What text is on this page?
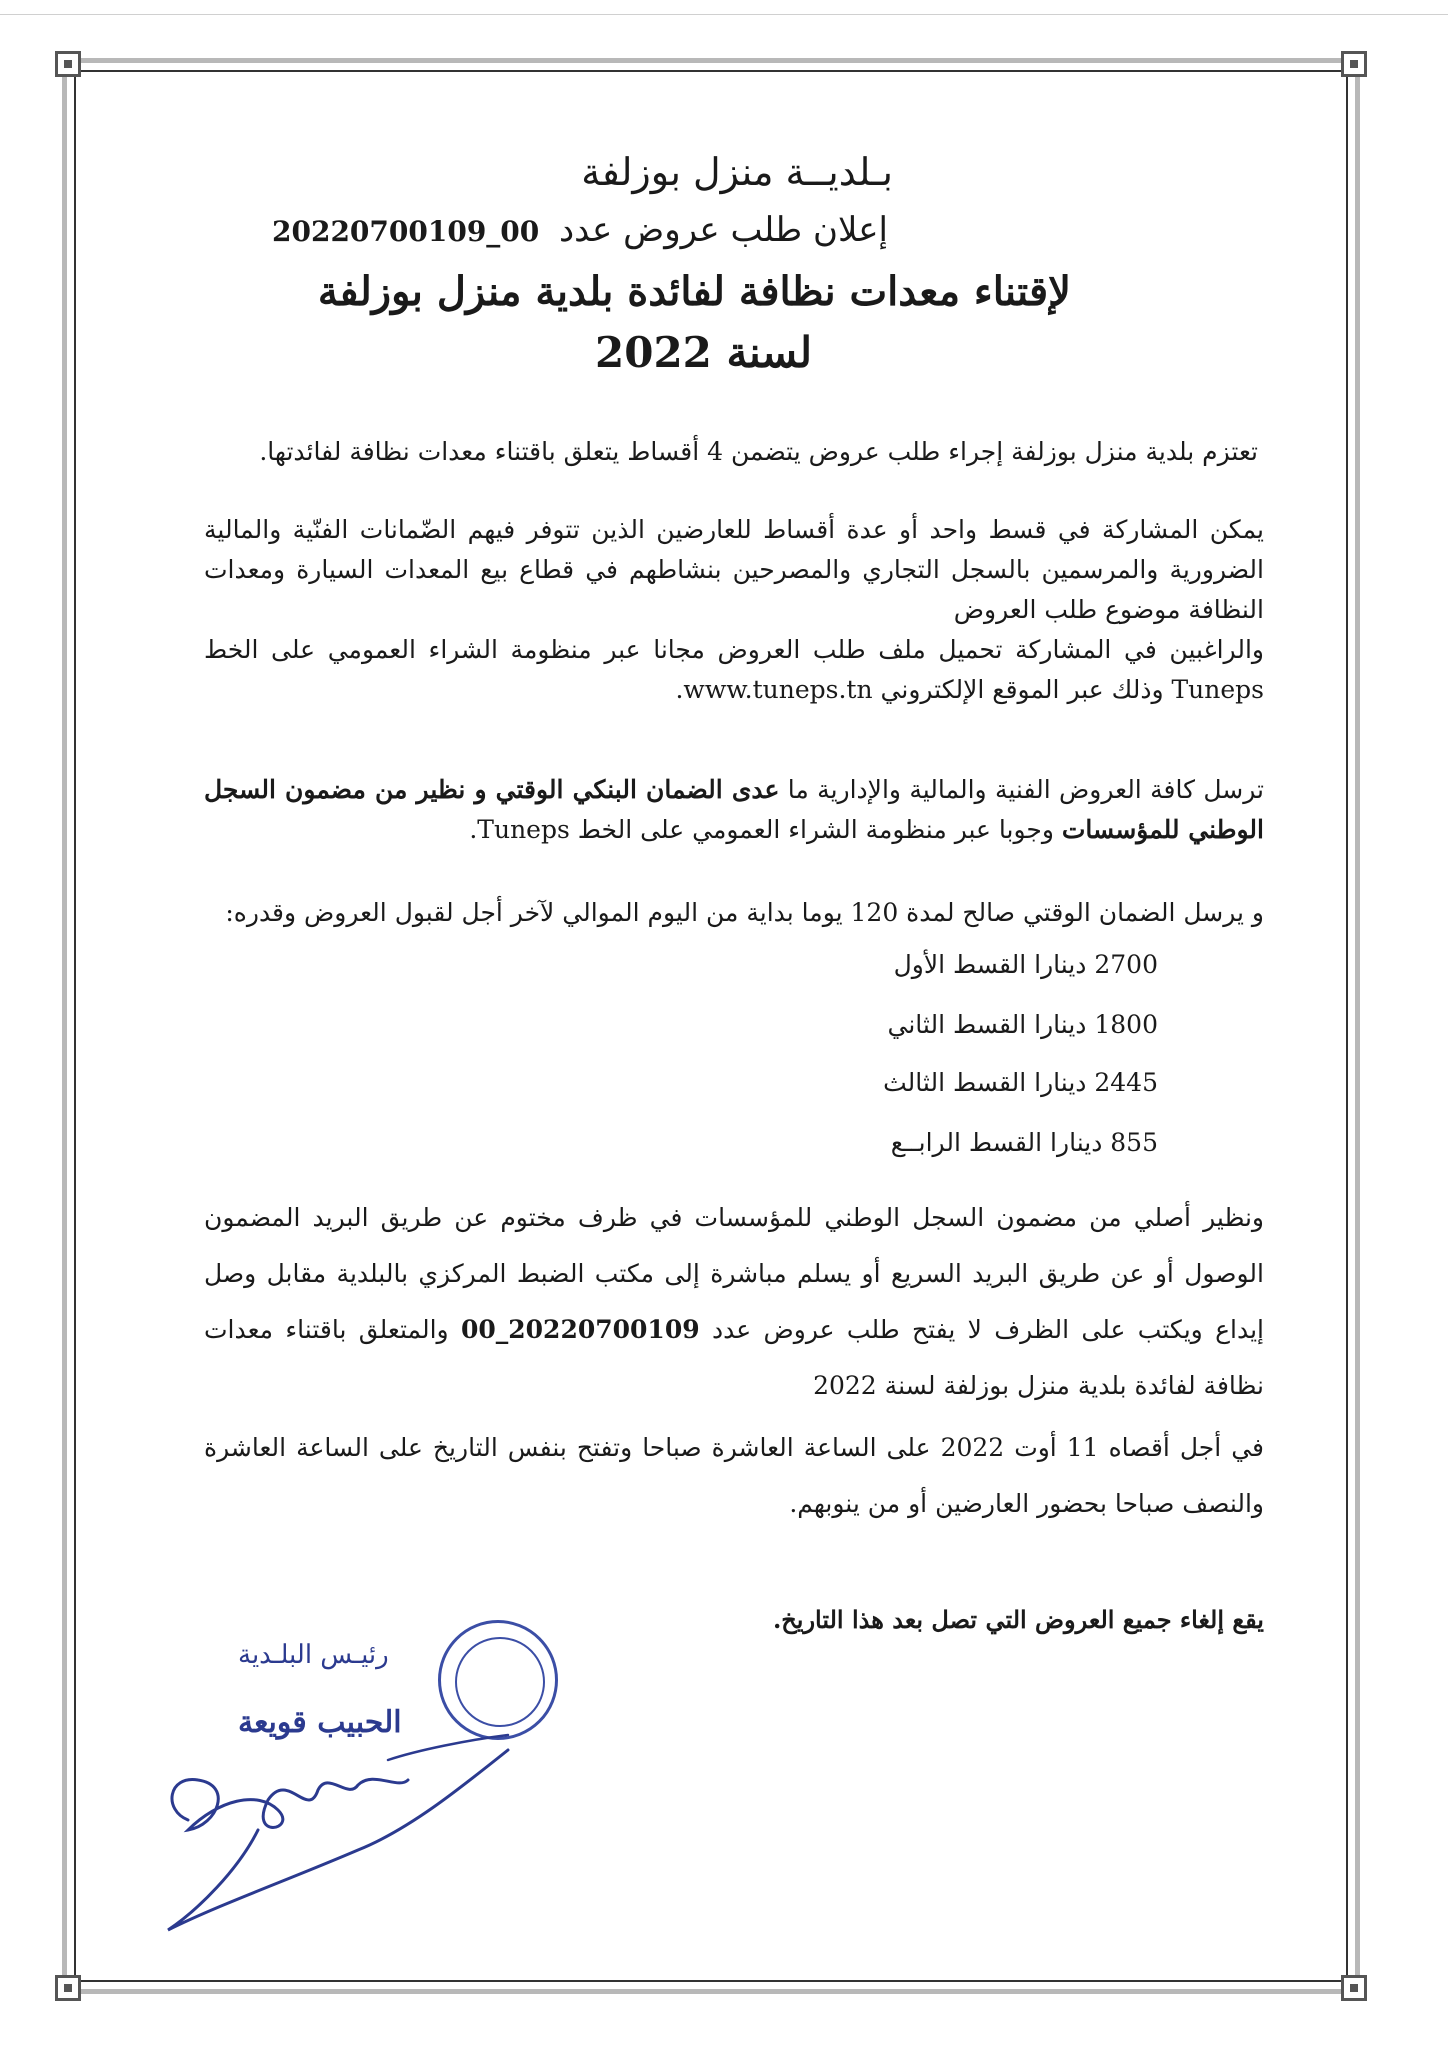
بـلديــة منزل بوزلفة
إعلان طلب عروض عدد
20220700109_00
لإقتناء معدات نظافة لفائدة بلدية منزل بوزلفة
لسنة 2022
تعتزم بلدية منزل بوزلفة إجراء طلب عروض يتضمن 4 أقساط يتعلق باقتناء معدات نظافة لفائدتها.
يمكن المشاركة في قسط واحد أو عدة أقساط للعارضين الذين تتوفر فيهم الضّمانات الفنّية والمالية الضرورية والمرسمين بالسجل التجاري والمصرحين بنشاطهم في قطاع بيع المعدات السيارة ومعدات النظافة موضوع طلب العروض
والراغبين في المشاركة تحميل ملف طلب العروض مجانا عبر منظومة الشراء العمومي على الخط Tuneps وذلك عبر الموقع الإلكتروني www.tuneps.tn.
ترسل كافة العروض الفنية والمالية والإدارية ما عدى الضمان البنكي الوقتي و نظير من مضمون السجل الوطني للمؤسسات وجوبا عبر منظومة الشراء العمومي على الخط Tuneps.
و يرسل الضمان الوقتي صالح لمدة 120 يوما بداية من اليوم الموالي لآخر أجل لقبول العروض وقدره:
2700 دينارا القسط الأول
1800 دينارا القسط الثاني
2445 دينارا القسط الثالث
855 دينارا القسط الرابــع
ونظير أصلي من مضمون السجل الوطني للمؤسسات في ظرف مختوم عن طريق البريد المضمون الوصول أو عن طريق البريد السريع أو يسلم مباشرة إلى مكتب الضبط المركزي بالبلدية مقابل وصل إيداع ويكتب على الظرف لا يفتح طلب عروض عدد 20220700109_00 والمتعلق باقتناء معدات نظافة لفائدة بلدية منزل بوزلفة لسنة 2022
في أجل أقصاه 11 أوت 2022 على الساعة العاشرة صباحا وتفتح بنفس التاريخ على الساعة العاشرة والنصف صباحا بحضور العارضين أو من ينوبهم.
يقع إلغاء جميع العروض التي تصل بعد هذا التاريخ.
رئيـس البلـدية
الحبيب قويعة
